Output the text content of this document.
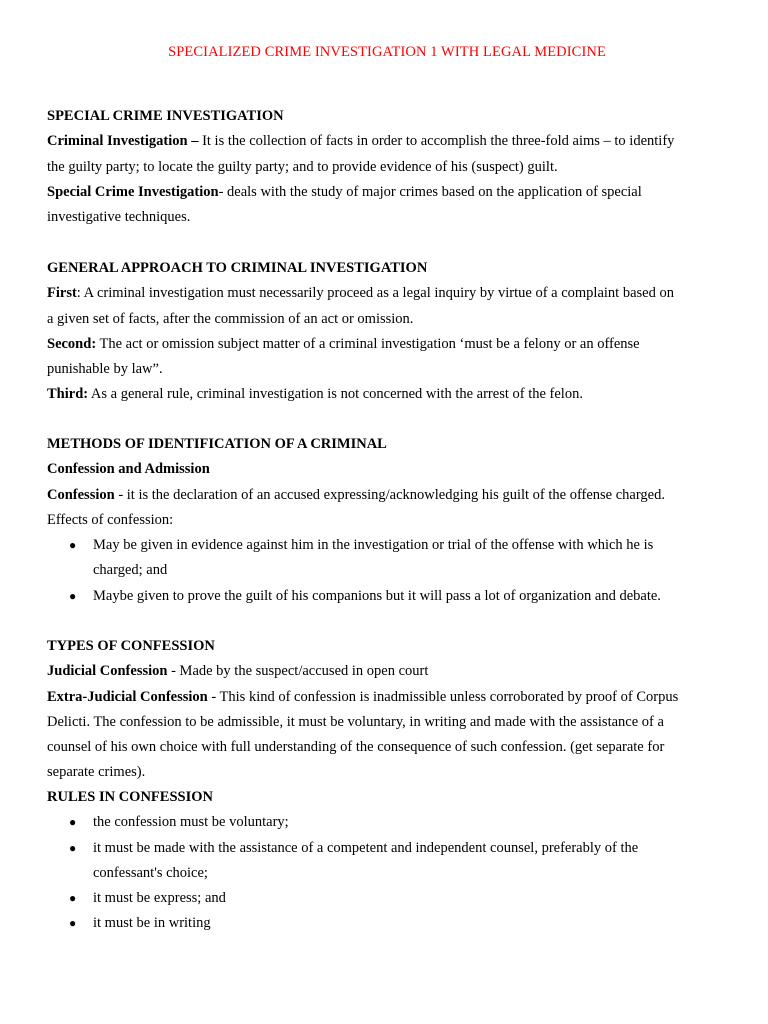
SPECIALIZED CRIME INVESTIGATION 1 WITH LEGAL MEDICINE
SPECIAL CRIME INVESTIGATION
Criminal Investigation – It is the collection of facts in order to accomplish the three-fold aims – to identify
the guilty party; to locate the guilty party; and to provide evidence of his (suspect) guilt.
Special Crime Investigation- deals with the study of major crimes based on the application of special
investigative techniques.
GENERAL APPROACH TO CRIMINAL INVESTIGATION
First: A criminal investigation must necessarily proceed as a legal inquiry by virtue of a complaint based on
a given set of facts, after the commission of an act or omission.
Second: The act or omission subject matter of a criminal investigation ‘must be a felony or an offense
punishable by law”.
Third: As a general rule, criminal investigation is not concerned with the arrest of the felon.
METHODS OF IDENTIFICATION OF A CRIMINAL
Confession and Admission
Confession - it is the declaration of an accused expressing/acknowledging his guilt of the offense charged.
Effects of confession:
● May be given in evidence against him in the investigation or trial of the offense with which he is
charged; and
● Maybe given to prove the guilt of his companions but it will pass a lot of organization and debate.
TYPES OF CONFESSION
Judicial Confession - Made by the suspect/accused in open court
Extra-Judicial Confession - This kind of confession is inadmissible unless corroborated by proof of Corpus
Delicti. The confession to be admissible, it must be voluntary, in writing and made with the assistance of a
counsel of his own choice with full understanding of the consequence of such confession. (get separate for
separate crimes).
RULES IN CONFESSION
● the confession must be voluntary;
● it must be made with the assistance of a competent and independent counsel, preferably of the
confessant's choice;
● it must be express; and
● it must be in writing
